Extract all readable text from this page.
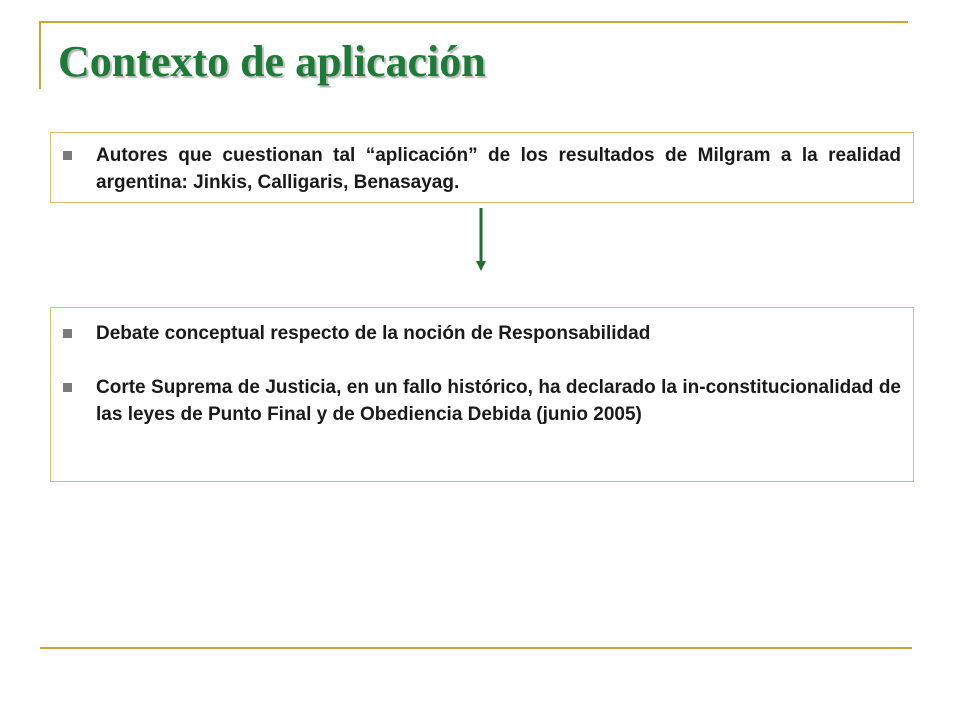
Contexto de aplicación
Autores que cuestionan tal “aplicación” de los resultados de Milgram a la realidad argentina: Jinkis, Calligaris, Benasayag.
Debate conceptual respecto de la noción de Responsabilidad
Corte Suprema de Justicia, en un fallo histórico, ha declarado la in-constitucionalidad de las leyes de Punto Final y de Obediencia Debida (junio 2005)
